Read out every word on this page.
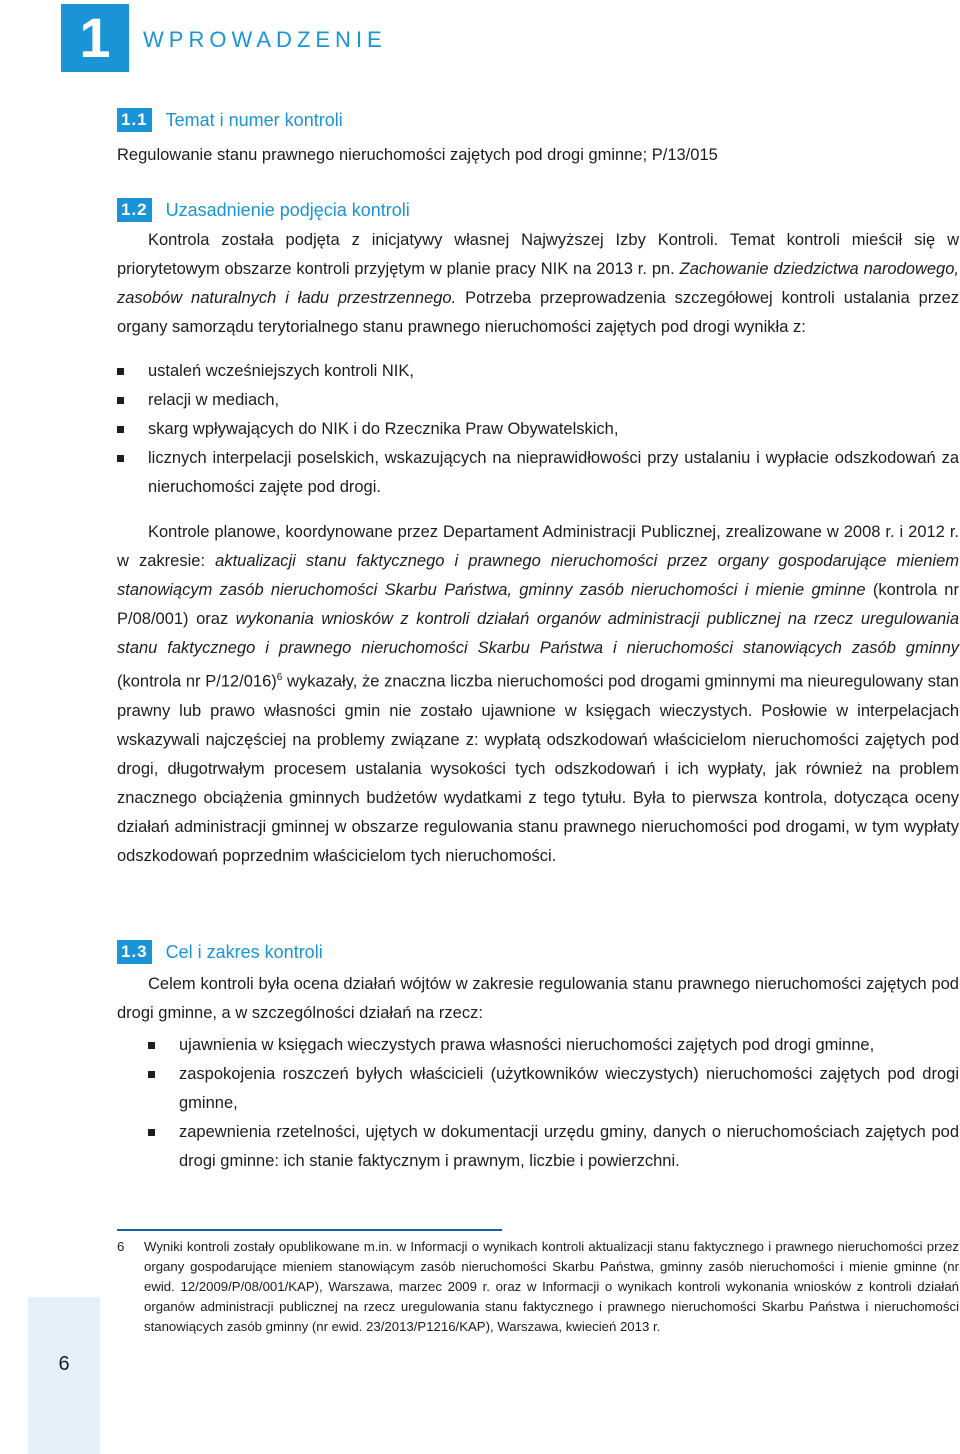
1	WPROWADZENIE
1.1 Temat i numer kontroli
Regulowanie stanu prawnego nieruchomości zajętych pod drogi gminne; P/13/015
1.2 Uzasadnienie podjęcia kontroli
Kontrola została podjęta z inicjatywy własnej Najwyższej Izby Kontroli. Temat kontroli mieścił się w priorytetowym obszarze kontroli przyjętym w planie pracy NIK na 2013 r. pn. Zachowanie dziedzictwa narodowego, zasobów naturalnych i ładu przestrzennego. Potrzeba przeprowadzenia szczegółowej kontroli ustalania przez organy samorządu terytorialnego stanu prawnego nieruchomości zajętych pod drogi wynikła z:
ustaleń wcześniejszych kontroli NIK,
relacji w mediach,
skarg wpływających do NIK i do Rzecznika Praw Obywatelskich,
licznych interpelacji poselskich, wskazujących na nieprawidłowości przy ustalaniu i wypłacie odszkodowań za nieruchomości zajęte pod drogi.
Kontrole planowe, koordynowane przez Departament Administracji Publicznej, zrealizowane w 2008 r. i 2012 r. w zakresie: aktualizacji stanu faktycznego i prawnego nieruchomości przez organy gospodarujące mieniem stanowiącym zasób nieruchomości Skarbu Państwa, gminny zasób nieruchomości i mienie gminne (kontrola nr P/08/001) oraz wykonania wniosków z kontroli działań organów administracji publicznej na rzecz uregulowania stanu faktycznego i prawnego nieruchomości Skarbu Państwa i nieruchomości stanowiących zasób gminny (kontrola nr P/12/016)$^6$ wykazały, że znaczna liczba nieruchomości pod drogami gminnymi ma nieuregulowany stan prawny lub prawo własności gmin nie zostało ujawnione w księgach wieczystych. Posłowie w interpelacjach wskazywali najczęściej na problemy związane z: wypłatą odszkodowań właścicielom nieruchomości zajętych pod drogi, długotrwałym procesem ustalania wysokości tych odszkodowań i ich wypłaty, jak również na problem znacznego obciążenia gminnych budżetów wydatkami z tego tytułu. Była to pierwsza kontrola, dotycząca oceny działań administracji gminnej w obszarze regulowania stanu prawnego nieruchomości pod drogami, w tym wypłaty odszkodowań poprzednim właścicielom tych nieruchomości.
1.3 Cel i zakres kontroli
Celem kontroli była ocena działań wójtów w zakresie regulowania stanu prawnego nieruchomości zajętych pod drogi gminne, a w szczególności działań na rzecz:
ujawnienia w księgach wieczystych prawa własności nieruchomości zajętych pod drogi gminne,
zaspokojenia roszczeń byłych właścicieli (użytkowników wieczystych) nieruchomości zajętych pod drogi gminne,
zapewnienia rzetelności, ujętych w dokumentacji urzędu gminy, danych o nieruchomościach zajętych pod drogi gminne: ich stanie faktycznym i prawnym, liczbie i powierzchni.
6	Wyniki kontroli zostały opublikowane m.in. w Informacji o wynikach kontroli aktualizacji stanu faktycznego i prawnego nieruchomości przez organy gospodarujące mieniem stanowiącym zasób nieruchomości Skarbu Państwa, gminny zasób nieruchomości i mienie gminne (nr ewid. 12/2009/P/08/001/KAP), Warszawa, marzec 2009 r. oraz w Informacji o wynikach kontroli wykonania wniosków z kontroli działań organów administracji publicznej na rzecz uregulowania stanu faktycznego i prawnego nieruchomości Skarbu Państwa i nieruchomości stanowiących zasób gminny (nr ewid. 23/2013/P1216/KAP), Warszawa, kwiecień 2013 r.
6
